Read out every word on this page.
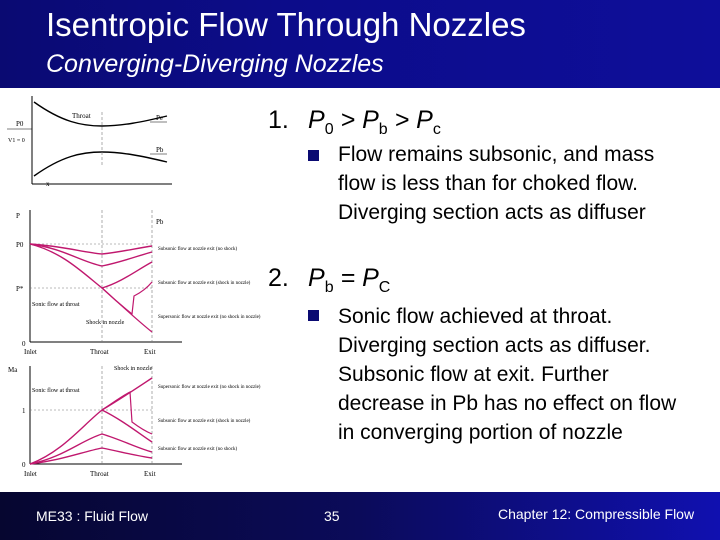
Isentropic Flow Through Nozzles
Converging-Diverging Nozzles
Throat
P0
V1 = 0
Pe
Pb
x
P
Pb
P0
P*
Sonic flow at throat
Shock in nozzle
Subsonic flow at nozzle exit (no shock)
Subsonic flow at nozzle exit (shock in nozzle)
Supersonic flow at nozzle exit (no shock in nozzle)
0
Inlet	Throat	Exit
Ma	Shock in nozzle
Sonic flow at throat
Supersonic flow at nozzle exit (no shock in nozzle)
1
Subsonic flow at nozzle exit (shock in nozzle)
Subsonic flow at nozzle exit (no shock)
0
Inlet	Throat	Exit
1. $P_0 > P_b > P_c$
Flow remains subsonic, and mass flow is less than for choked flow. Diverging section acts as diffuser
2. $P_b = P_C$
Sonic flow achieved at throat. Diverging section acts as diffuser. Subsonic flow at exit. Further decrease in Pb has no effect on flow in converging portion of nozzle
ME33 : Fluid Flow	35	Chapter 12: Compressible Flow
